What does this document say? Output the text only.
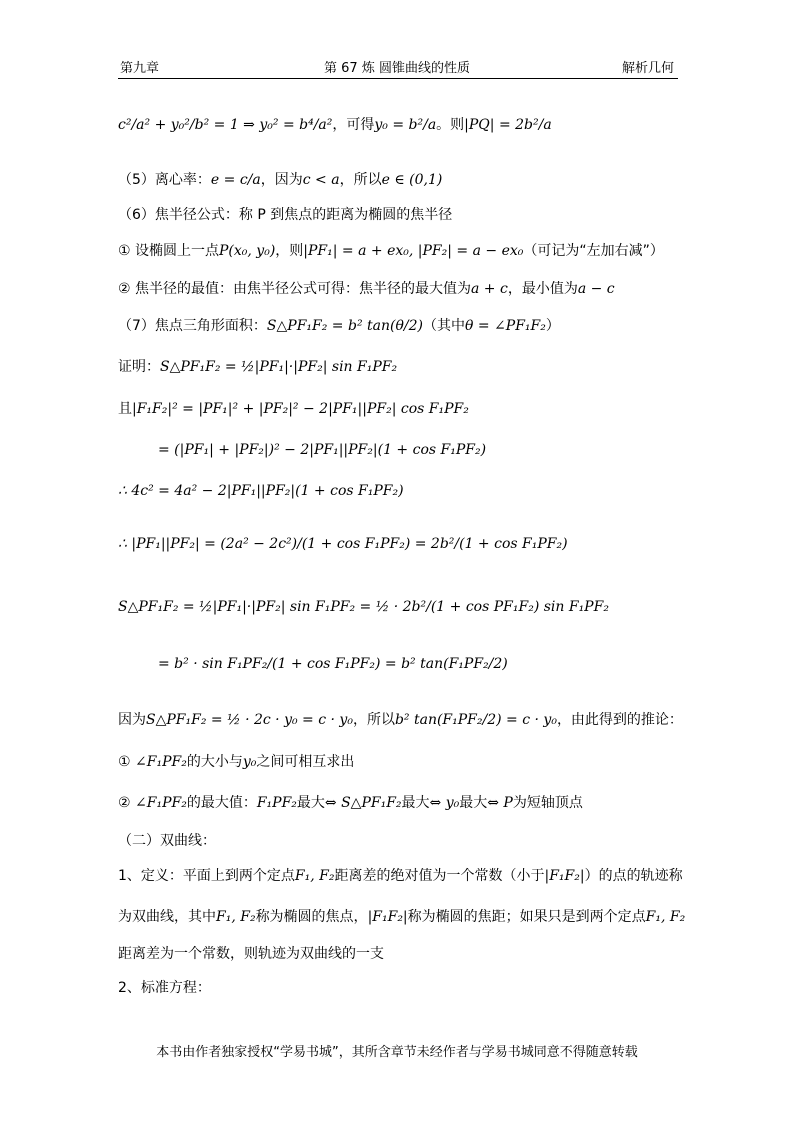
第九章	第 67 炼 圆锥曲线的性质	解析几何
c²/a² + y₀²/b² = 1 ⇒ y₀² = b⁴/a²，可得y₀ = b²/a。则|PQ| = 2b²/a
（5）离心率：e = c/a，因为c < a，所以e ∈ (0,1)
（6）焦半径公式：称 P 到焦点的距离为椭圆的焦半径
① 设椭圆上一点P(x₀, y₀)，则|PF₁| = a + ex₀, |PF₂| = a − ex₀（可记为“左加右减”）
② 焦半径的最值：由焦半径公式可得：焦半径的最大值为a + c，最小值为a − c
（7）焦点三角形面积：S△PF₁F₂ = b² tan(θ/2)（其中θ = ∠PF₁F₂）
证明：S△PF₁F₂ = ½|PF₁|·|PF₂| sin F₁PF₂
且|F₁F₂|² = |PF₁|² + |PF₂|² − 2|PF₁||PF₂| cos F₁PF₂
= (|PF₁| + |PF₂|)² − 2|PF₁||PF₂|(1 + cos F₁PF₂)
∴ 4c² = 4a² − 2|PF₁||PF₂|(1 + cos F₁PF₂)
∴ |PF₁||PF₂| = (2a² − 2c²)/(1 + cos F₁PF₂) = 2b²/(1 + cos F₁PF₂)
S△PF₁F₂ = ½|PF₁|·|PF₂| sin F₁PF₂ = ½ · 2b²/(1 + cos PF₁F₂) sin F₁PF₂
= b² · sin F₁PF₂/(1 + cos F₁PF₂) = b² tan(F₁PF₂/2)
因为S△PF₁F₂ = ½ · 2c · y₀ = c · y₀，所以b² tan(F₁PF₂/2) = c · y₀，由此得到的推论：
① ∠F₁PF₂的大小与y₀之间可相互求出
② ∠F₁PF₂的最大值：F₁PF₂最大⇔ S△PF₁F₂最大⇔ y₀最大⇔ P为短轴顶点
（二）双曲线：
1、定义：平面上到两个定点F₁, F₂距离差的绝对值为一个常数（小于|F₁F₂|）的点的轨迹称
为双曲线，其中F₁, F₂称为椭圆的焦点，|F₁F₂|称为椭圆的焦距；如果只是到两个定点F₁, F₂
距离差为一个常数，则轨迹为双曲线的一支
2、标准方程：
本书由作者独家授权“学易书城”，其所含章节未经作者与学易书城同意不得随意转载
